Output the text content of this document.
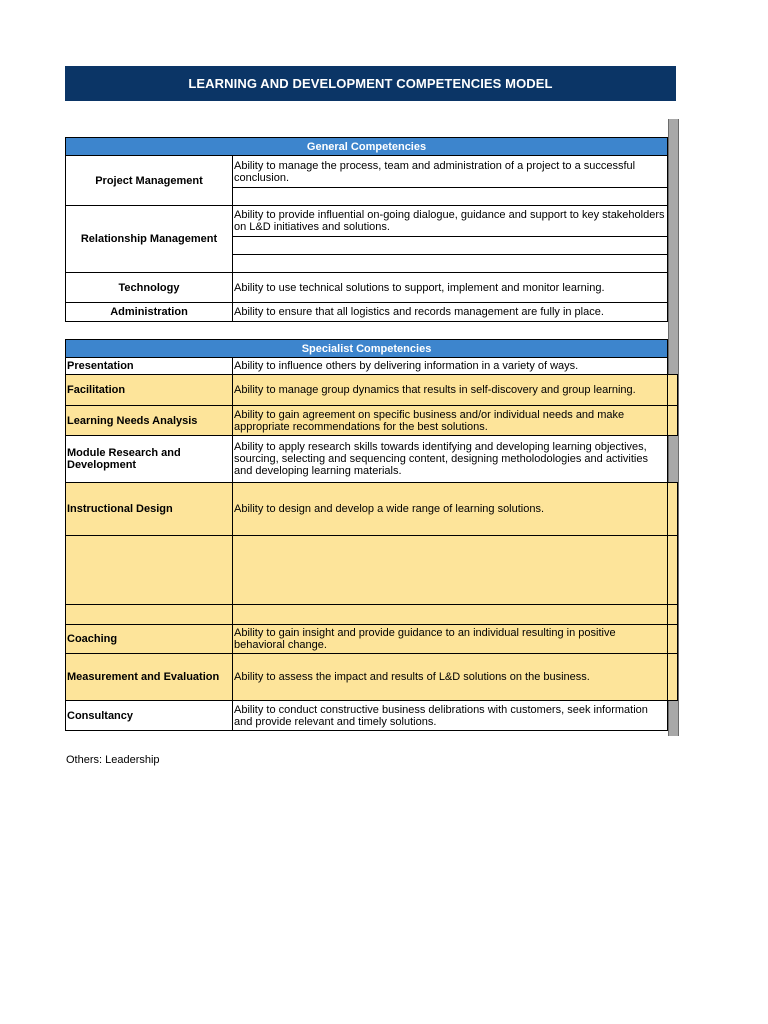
LEARNING AND DEVELOPMENT COMPETENCIES MODEL
General Competencies		
Project Management	Ability to manage the process, team and administration of a project to a successful conclusion.	

Relationship Management	Ability to provide influential on-going dialogue, guidance and support to key stakeholders on L&D initiatives and solutions.	

Technology	Ability to use technical solutions to support, implement and monitor learning.	
Administration	Ability to ensure that all logistics and records management are fully in place.	
Specialist Competencies		
Presentation	Ability to influence others by delivering information in a variety of ways.	
Facilitation	Ability to manage group dynamics that results in self-discovery and group learning.	
Learning Needs Analysis	Ability to gain agreement on specific business and/or individual needs and make appropriate recommendations for the best solutions.	
Module Research and Development	Ability to apply research skills towards identifying and developing learning objectives, sourcing, selecting and sequencing content, designing metholodologies and activities and developing learning materials.	
Instructional Design	Ability to design and develop a wide range of learning solutions.	

Coaching	Ability to gain insight and provide guidance to an individual resulting in positive behavioral change.	
Measurement and Evaluation	Ability to assess the impact and results of L&D solutions on the business.	
Consultancy	Ability to conduct constructive business delibrations with customers, seek information and provide relevant and timely solutions.	
Others: Leadership
